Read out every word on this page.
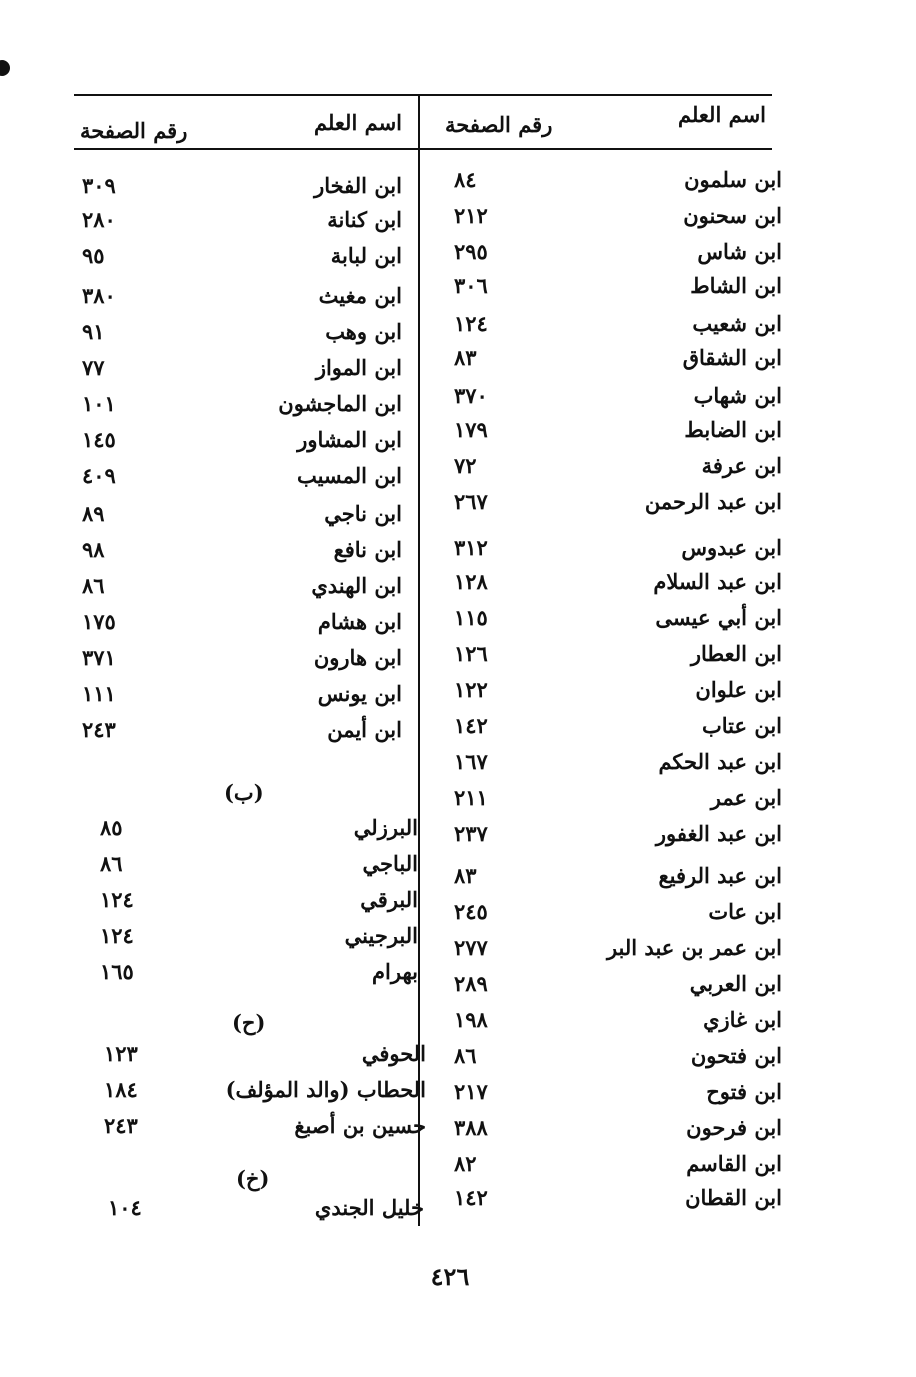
اسم العلم
رقم الصفحة
اسم العلم
رقم الصفحة
ابن سلمون
٨٤
ابن سحنون
٢١٢
ابن شاس
٢٩٥
ابن الشاط
٣٠٦
ابن شعيب
١٢٤
ابن الشقاق
٨٣
ابن شهاب
٣٧٠
ابن الضابط
١٧٩
ابن عرفة
٧٢
ابن عبد الرحمن
٢٦٧
ابن عبدوس
٣١٢
ابن عبد السلام
١٢٨
ابن أبي عيسى
١١٥
ابن العطار
١٢٦
ابن علوان
١٢٢
ابن عتاب
١٤٢
ابن عبد الحكم
١٦٧
ابن عمر
٢١١
ابن عبد الغفور
٢٣٧
ابن عبد الرفيع
٨٣
ابن عات
٢٤٥
ابن عمر بن عبد البر
٢٧٧
ابن العربي
٢٨٩
ابن غازي
١٩٨
ابن فتحون
٨٦
ابن فتوح
٢١٧
ابن فرحون
٣٨٨
ابن القاسم
٨٢
ابن القطان
١٤٢
ابن الفخار
٣٠٩
ابن كنانة
٢٨٠
ابن لبابة
٩٥
ابن مغيث
٣٨٠
ابن وهب
٩١
ابن المواز
٧٧
ابن الماجشون
١٠١
ابن المشاور
١٤٥
ابن المسيب
٤٠٩
ابن ناجي
٨٩
ابن نافع
٩٨
ابن الهندي
٨٦
ابن هشام
١٧٥
ابن هارون
٣٧١
ابن يونس
١١١
ابن أيمن
٢٤٣
البرزلي
٨٥
الباجي
٨٦
البرقي
١٢٤
البرجيني
١٢٤
بهرام
١٦٥
الحوفي
١٢٣
الحطاب (والد المؤلف)
١٨٤
حسين بن أصبغ
٢٤٣
خليل الجندي
١٠٤
(ب)
(ح)
(خ)
٤٢٦
